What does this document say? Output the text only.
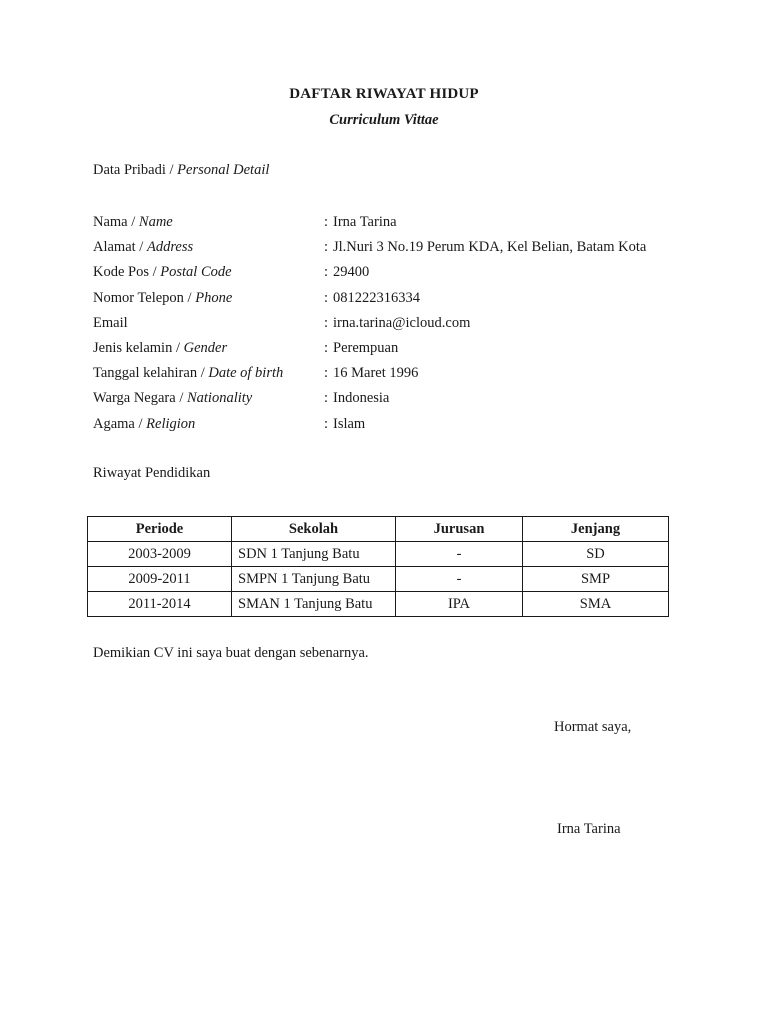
DAFTAR RIWAYAT HIDUP
Curriculum Vittae
Data Pribadi / Personal Detail
Nama / Name	: Irna Tarina
Alamat / Address	: Jl.Nuri 3 No.19 Perum KDA, Kel Belian, Batam Kota
Kode Pos / Postal Code	: 29400
Nomor Telepon / Phone	: 081222316334
Email	: irna.tarina@icloud.com
Jenis kelamin / Gender	: Perempuan
Tanggal kelahiran / Date of birth	: 16 Maret 1996
Warga Negara / Nationality	: Indonesia
Agama / Religion	: Islam
Riwayat Pendidikan
Periode	Sekolah	Jurusan	Jenjang
2003-2009	SDN 1 Tanjung Batu	-	SD
2009-2011	SMPN 1 Tanjung Batu	-	SMP
2011-2014	SMAN 1 Tanjung Batu	IPA	SMA
Demikian CV ini saya buat dengan sebenarnya.
Hormat saya,
Irna Tarina
